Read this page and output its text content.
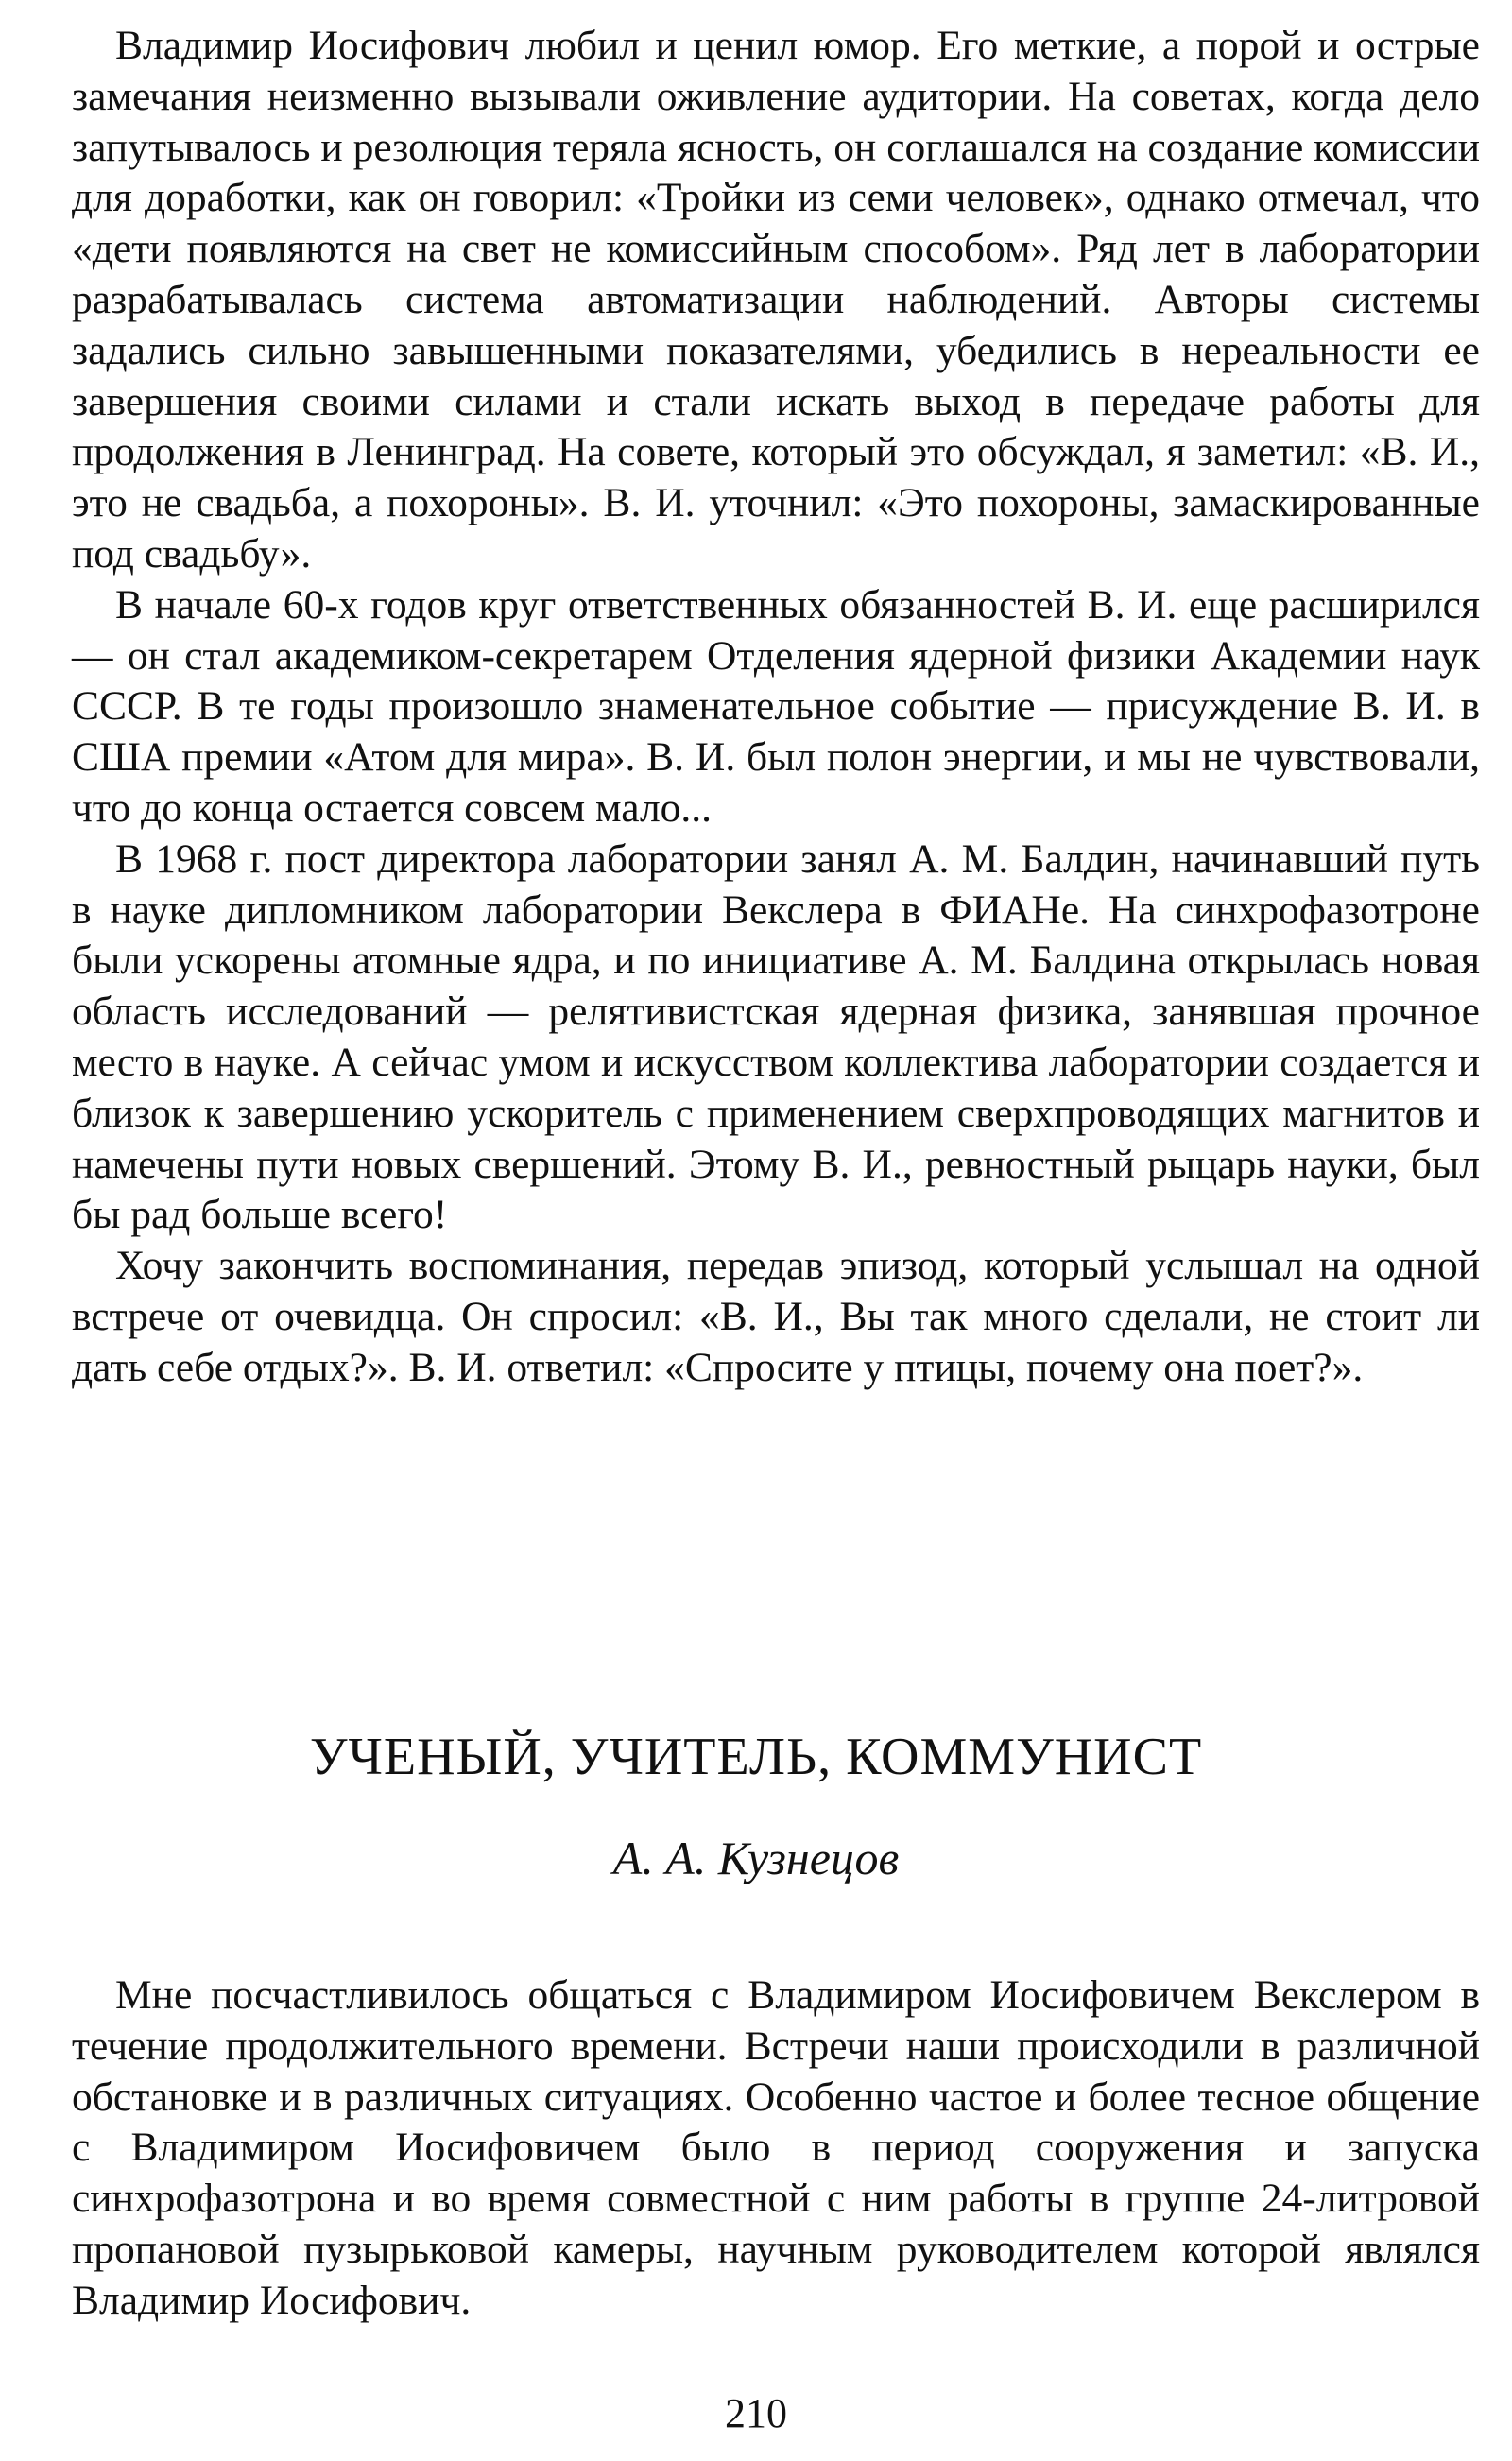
Владимир Иосифович любил и ценил юмор. Его меткие, а порой и острые замечания неизменно вызывали оживление аудитории. На советах, когда дело запутывалось и резолюция теряла ясность, он соглашался на создание комиссии для доработки, как он говорил: «Тройки из семи человек», однако отмечал, что «дети появляются на свет не комиссийным способом». Ряд лет в лаборатории разрабатывалась система автоматизации наблюдений. Авторы системы задались сильно завышенными показателями, убедились в нереальности ее завершения своими силами и стали искать выход в передаче работы для продолжения в Ленинград. На совете, который это обсуждал, я заметил: «В. И., это не свадьба, а похороны». В. И. уточнил: «Это похороны, замаскированные под свадьбу».

В начале 60-х годов круг ответственных обязанностей В. И. еще расширился — он стал академиком-секретарем Отделения ядерной физики Академии наук СССР. В те годы произошло знаменательное событие — присуждение В. И. в США премии «Атом для мира». В. И. был полон энергии, и мы не чувствовали, что до конца остается совсем мало...

В 1968 г. пост директора лаборатории занял А. М. Балдин, начинавший путь в науке дипломником лаборатории Векслера в ФИАНе. На синхрофазотроне были ускорены атомные ядра, и по инициативе А. М. Балдина открылась новая область исследований — релятивистская ядерная физика, занявшая прочное место в науке. А сейчас умом и искусством коллектива лаборатории создается и близок к завершению ускоритель с применением сверхпроводящих магнитов и намечены пути новых свершений. Этому В. И., ревностный рыцарь науки, был бы рад больше всего!

Хочу закончить воспоминания, передав эпизод, который услышал на одной встрече от очевидца. Он спросил: «В. И., Вы так много сделали, не стоит ли дать себе отдых?». В. И. ответил: «Спросите у птицы, почему она поет?».

УЧЕНЫЙ, УЧИТЕЛЬ, КОММУНИСТ
А. А. Кузнецов

Мне посчастливилось общаться с Владимиром Иосифовичем Векслером в течение продолжительного времени. Встречи наши происходили в различной обстановке и в различных ситуациях. Особенно частое и более тесное общение с Владимиром Иосифовичем было в период сооружения и запуска синхрофазотрона и во время совместной с ним работы в группе 24-литровой пропановой пузырьковой камеры, научным руководителем которой являлся Владимир Иосифович.

210
